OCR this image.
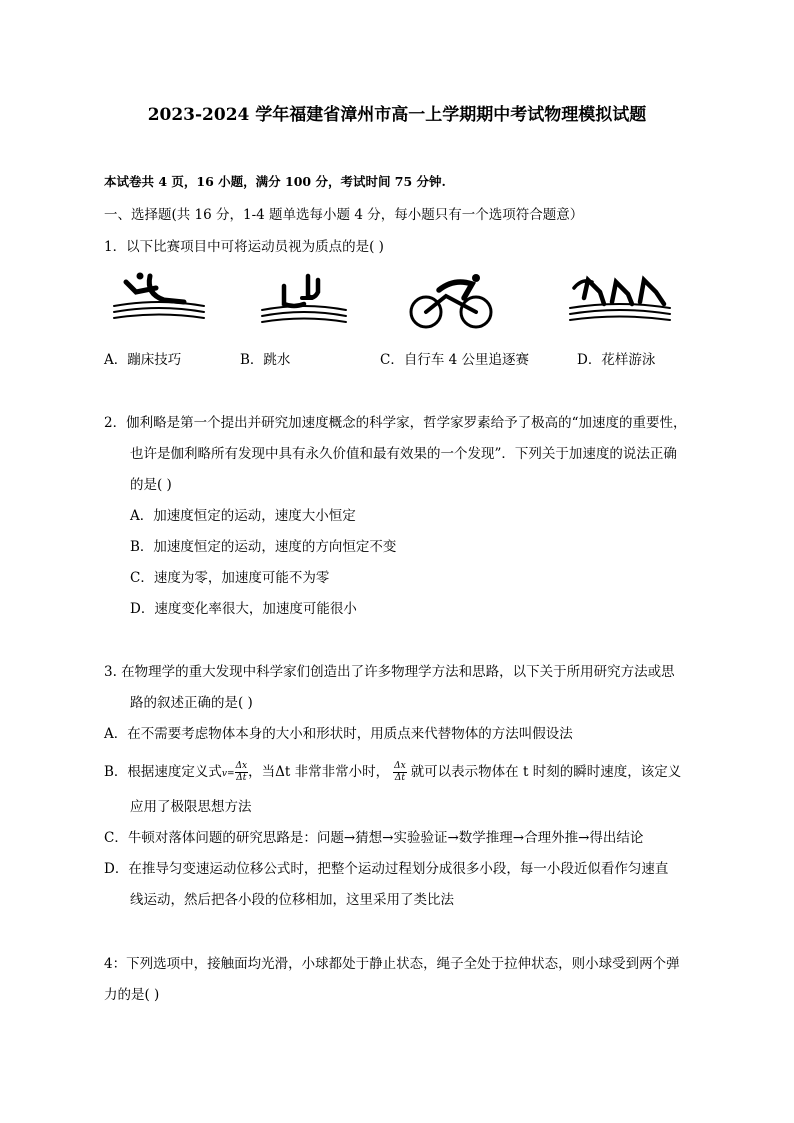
2023-2024 学年福建省漳州市高一上学期期中考试物理模拟试题
本试卷共 4 页，16 小题，满分 100 分，考试时间 75 分钟.
一、选择题(共 16 分，1-4 题单选每小题 4 分，每小题只有一个选项符合题意）
1．以下比赛项目中可将运动员视为质点的是( )
A．蹦床技巧	B．跳水	C．自行车 4 公里追逐赛	D．花样游泳
2．伽利略是第一个提出并研究加速度概念的科学家，哲学家罗素给予了极高的“加速度的重要性，
也许是伽利略所有发现中具有永久价值和最有效果的一个发现”．下列关于加速度的说法正确
的是( )
A．加速度恒定的运动，速度大小恒定
B．加速度恒定的运动，速度的方向恒定不变
C．速度为零，加速度可能不为零
D．速度变化率很大，加速度可能很小
3. 在物理学的重大发现中科学家们创造出了许多物理学方法和思路，以下关于所用研究方法或思
路的叙述正确的是( )
A．在不需要考虑物体本身的大小和形状时，用质点来代替物体的方法叫假设法
B．根据速度定义式$v= \frac{\Delta x}{\Delta t}$ ，当Δt 非常非常小时， $\frac{\Delta x}{\Delta t}$ 就可以表示物体在 t 时刻的瞬时速度，该定义
应用了极限思想方法
C．牛顿对落体问题的研究思路是：问题→猜想→实验验证→数学推理→合理外推→得出结论
D．在推导匀变速运动位移公式时，把整个运动过程划分成很多小段，每一小段近似看作匀速直
线运动，然后把各小段的位移相加，这里采用了类比法
4：下列选项中，接触面均光滑，小球都处于静止状态，绳子全处于拉伸状态，则小球受到两个弹
力的是( )
